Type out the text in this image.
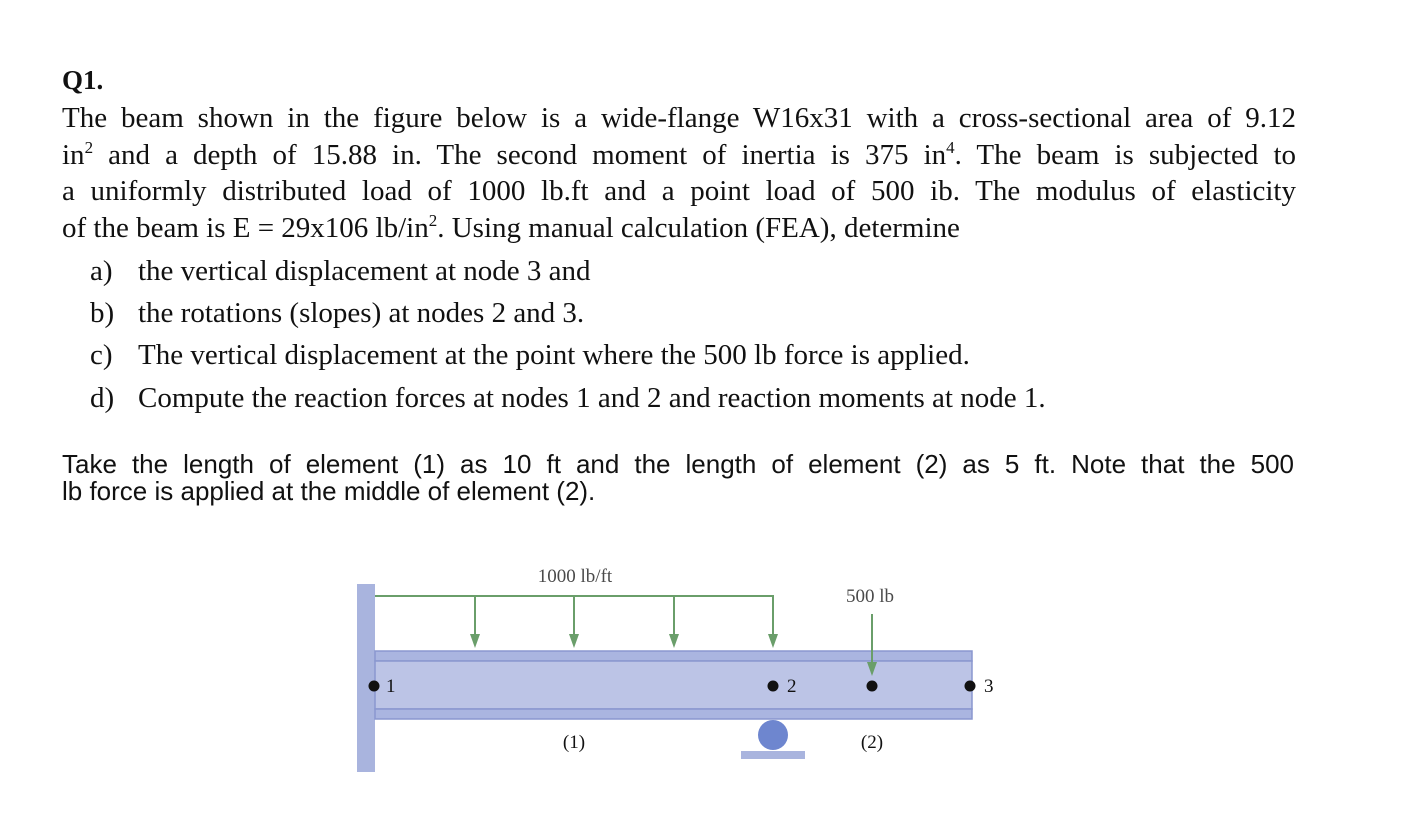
Q1.

The beam shown in the figure below is a wide-flange W16x31 with a cross-sectional area of 9.12

$in^2$ and a depth of 15.88 in. The second moment of inertia is 375 $in^4$. The beam is subjected to

a uniformly distributed load of 1000 lb.ft and a point load of 500 ib. The modulus of elasticity

of the beam is E = 29x106 $lb/in^2$. Using manual calculation (FEA), determine

a) the vertical displacement at node 3 and

b) the rotations (slopes) at nodes 2 and 3.

c) The vertical displacement at the point where the 500 lb force is applied.

d) Compute the reaction forces at nodes 1 and 2 and reaction moments at node 1.

Take the length of element (1) as 10 ft and the length of element (2) as 5 ft. Note that the 500

lb force is applied at the middle of element (2).

1000 lb/ft
500 lb
1	2	3
(1)	(2)
